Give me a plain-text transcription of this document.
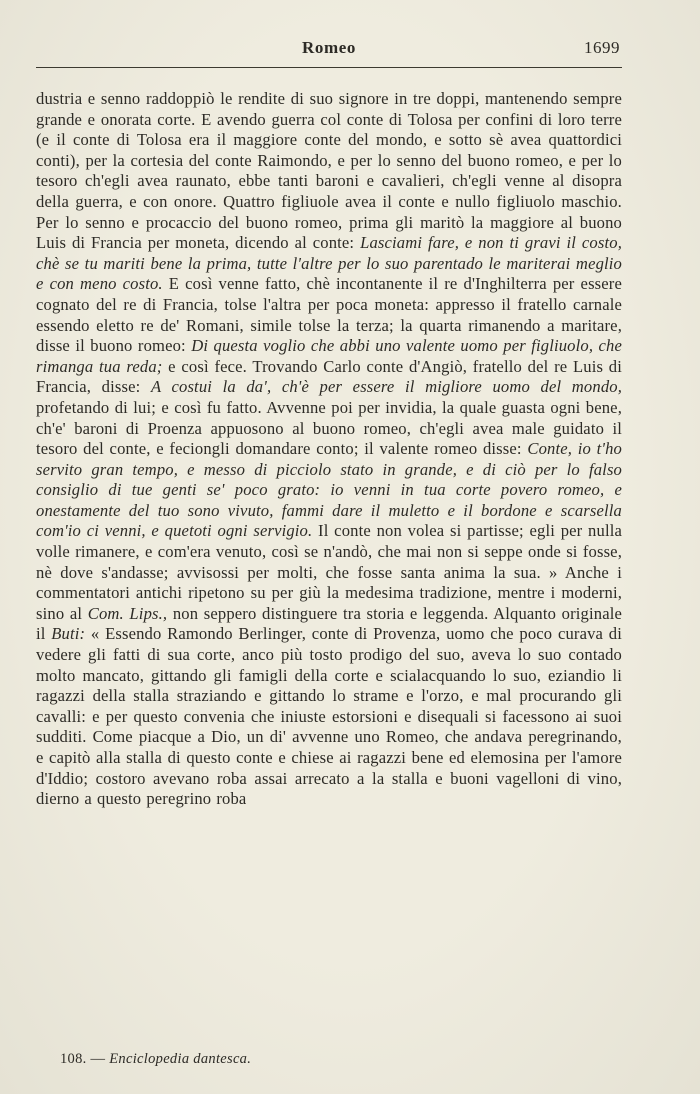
Romeo	1699

dustria e senno raddoppiò le rendite di suo signore in tre doppi, mantenendo sempre grande e onorata corte. E avendo guerra col conte di Tolosa per confini di loro terre (e il conte di Tolosa era il maggiore conte del mondo, e sotto sè avea quattordici conti), per la cortesia del conte Raimondo, e per lo senno del buono romeo, e per lo tesoro ch'egli avea raunato, ebbe tanti baroni e cavalieri, ch'egli venne al disopra della guerra, e con onore. Quattro figliuole avea il conte e nullo figliuolo maschio. Per lo senno e procaccio del buono romeo, prima gli maritò la maggiore al buono Luis di Francia per moneta, dicendo al conte: Lasciami fare, e non ti gravi il costo, chè se tu mariti bene la prima, tutte l'altre per lo suo parentado le mariterai meglio e con meno costo. E così venne fatto, chè incontanente il re d'Inghilterra per essere cognato del re di Francia, tolse l'altra per poca moneta: appresso il fratello carnale essendo eletto re de' Romani, simile tolse la terza; la quarta rimanendo a maritare, disse il buono romeo: Di questa voglio che abbi uno valente uomo per figliuolo, che rimanga tua reda; e così fece. Trovando Carlo conte d'Angiò, fratello del re Luis di Francia, disse: A costui la da', ch'è per essere il migliore uomo del mondo, profetando di lui; e così fu fatto. Avvenne poi per invidia, la quale guasta ogni bene, ch'e' baroni di Proenza appuosono al buono romeo, ch'egli avea male guidato il tesoro del conte, e feciongli domandare conto; il valente romeo disse: Conte, io t'ho servito gran tempo, e messo di picciolo stato in grande, e di ciò per lo falso consiglio di tue genti se' poco grato: io venni in tua corte povero romeo, e onestamente del tuo sono vivuto, fammi dare il muletto e il bordone e scarsella com'io ci venni, e quetoti ogni servigio. Il conte non volea si partisse; egli per nulla volle rimanere, e com'era venuto, così se n'andò, che mai non si seppe onde si fosse, nè dove s'andasse; avvisossi per molti, che fosse santa anima la sua. » Anche i commentatori antichi ripetono su per giù la medesima tradizione, mentre i moderni, sino al Com. Lips., non seppero distinguere tra storia e leggenda. Alquanto originale il Buti: « Essendo Ramondo Berlinger, conte di Provenza, uomo che poco curava di vedere gli fatti di sua corte, anco più tosto prodigo del suo, aveva lo suo contado molto mancato, gittando gli famigli della corte e scialacquando lo suo, eziandio li ragazzi della stalla straziando e gittando lo strame e l'orzo, e mal procurando gli cavalli: e per questo convenia che iniuste estorsioni e disequali si facessono ai suoi sudditi. Come piacque a Dio, un di' avvenne uno Romeo, che andava peregrinando, e capitò alla stalla di questo conte e chiese ai ragazzi bene ed elemosina per l'amore d'Iddio; costoro avevano roba assai arrecato a la stalla e buoni vagelloni di vino, dierno a questo peregrino roba

108. — Enciclopedia dantesca.
